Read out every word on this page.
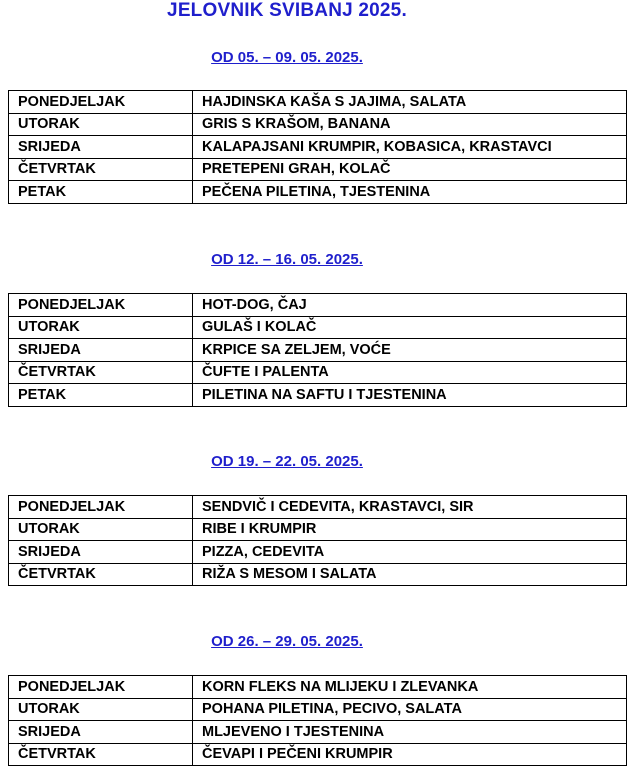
JELOVNIK SVIBANJ 2025.
OD 05. – 09. 05. 2025.
PONEDJELJAK	HAJDINSKA KAŠA S JAJIMA, SALATA
UTORAK	GRIS S KRAŠOM, BANANA
SRIJEDA	KALAPAJSANI KRUMPIR, KOBASICA, KRASTAVCI
ČETVRTAK	PRETEPENI GRAH, KOLAČ
PETAK	PEČENA PILETINA, TJESTENINA
OD 12. – 16. 05. 2025.
PONEDJELJAK	HOT-DOG, ČAJ
UTORAK	GULAŠ I KOLAČ
SRIJEDA	KRPICE SA ZELJEM, VOĆE
ČETVRTAK	ČUFTE I PALENTA
PETAK	PILETINA NA SAFTU I TJESTENINA
OD 19. – 22. 05. 2025.
PONEDJELJAK	SENDVIČ I CEDEVITA, KRASTAVCI, SIR
UTORAK	RIBE I KRUMPIR
SRIJEDA	PIZZA, CEDEVITA
ČETVRTAK	RIŽA S MESOM I SALATA
OD 26. – 29. 05. 2025.
PONEDJELJAK	KORN FLEKS NA MLIJEKU I ZLEVANKA
UTORAK	POHANA PILETINA, PECIVO, SALATA
SRIJEDA	MLJEVENO I TJESTENINA
ČETVRTAK	ČEVAPI I PEČENI KRUMPIR
